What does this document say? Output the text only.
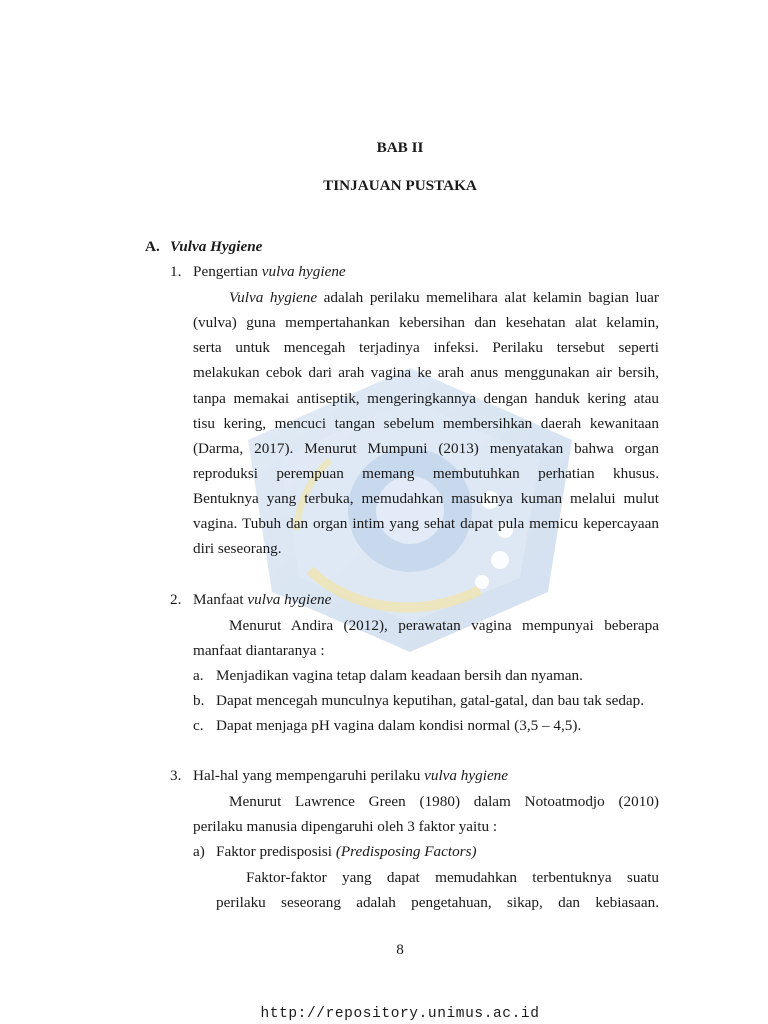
BAB II
TINJAUAN PUSTAKA
A. Vulva Hygiene
1. Pengertian vulva hygiene
Vulva hygiene adalah perilaku memelihara alat kelamin bagian luar
(vulva) guna mempertahankan kebersihan dan kesehatan alat kelamin,
serta untuk mencegah terjadinya infeksi. Perilaku tersebut seperti
melakukan cebok dari arah vagina ke arah anus menggunakan air bersih,
tanpa memakai antiseptik, mengeringkannya dengan handuk kering atau
tisu kering, mencuci tangan sebelum membersihkan daerah kewanitaan
(Darma, 2017). Menurut Mumpuni (2013) menyatakan bahwa organ
reproduksi perempuan memang membutuhkan perhatian khusus.
Bentuknya yang terbuka, memudahkan masuknya kuman melalui mulut
vagina. Tubuh dan organ intim yang sehat dapat pula memicu kepercayaan
diri seseorang.
2. Manfaat vulva hygiene
Menurut Andira (2012), perawatan vagina mempunyai beberapa
manfaat diantaranya :
a. Menjadikan vagina tetap dalam keadaan bersih dan nyaman.
b. Dapat mencegah munculnya keputihan, gatal-gatal, dan bau tak sedap.
c. Dapat menjaga pH vagina dalam kondisi normal (3,5 – 4,5).
3. Hal-hal yang mempengaruhi perilaku vulva hygiene
Menurut Lawrence Green (1980) dalam Notoatmodjo (2010)
perilaku manusia dipengaruhi oleh 3 faktor yaitu :
a) Faktor predisposisi (Predisposing Factors)
Faktor-faktor yang dapat memudahkan terbentuknya suatu
perilaku seseorang adalah pengetahuan, sikap, dan kebiasaan.
8
http://repository.unimus.ac.id
